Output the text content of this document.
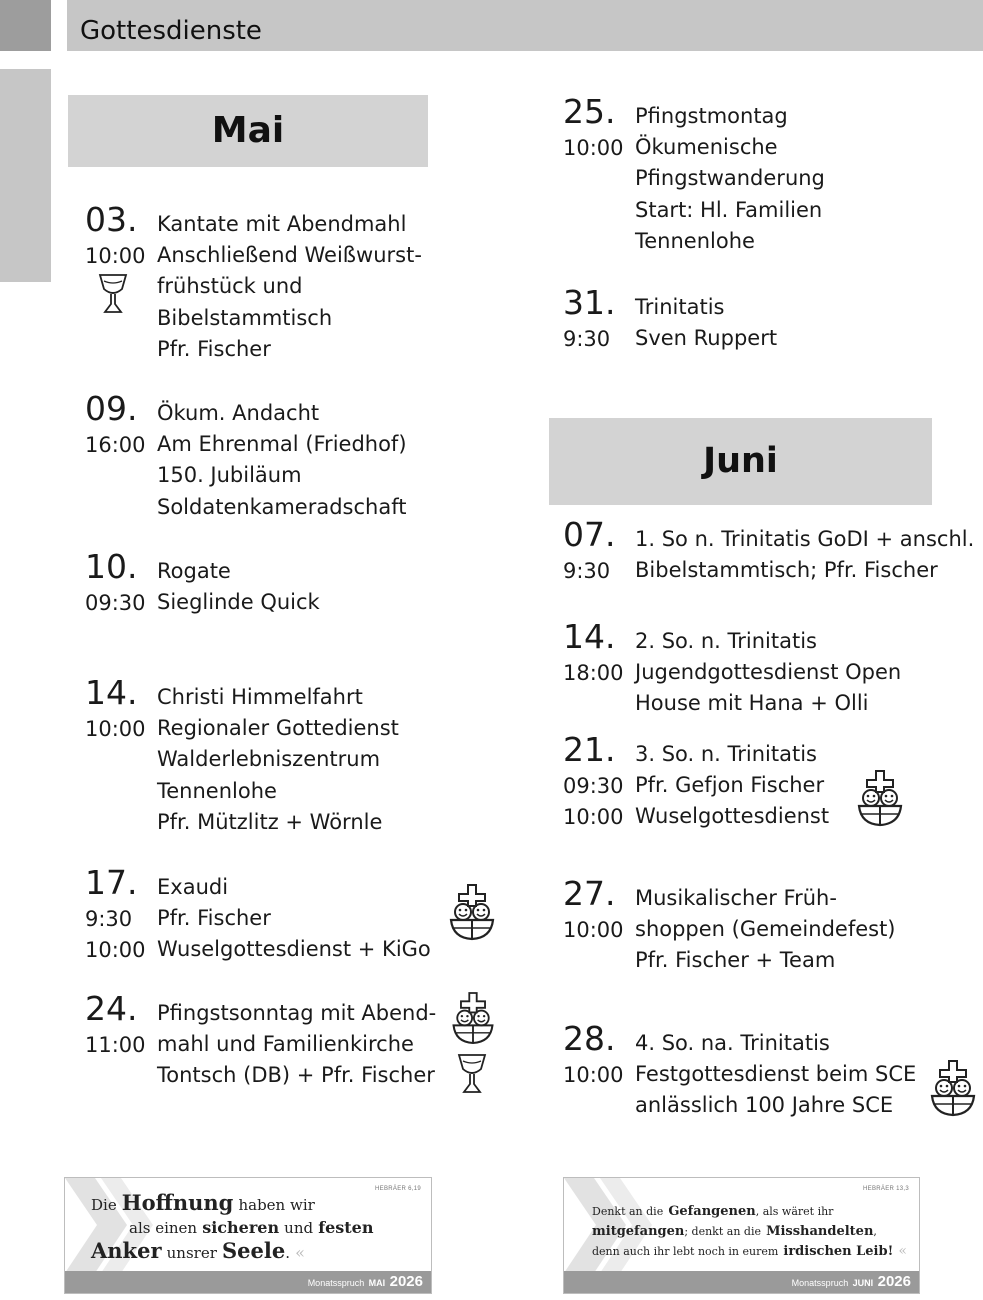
Gottesdienste
Mai
Juni
03.
10:00
Kantate mit Abendmahl
Anschließend Weißwurst-
frühstück und
Bibelstammtisch
Pfr. Fischer
09.
16:00
Ökum. Andacht
Am Ehrenmal (Friedhof)
150. Jubiläum
Soldatenkameradschaft
10.
09:30
Rogate
Sieglinde Quick
14.
10:00
Christi Himmelfahrt
Regionaler Gottedienst
Walderlebniszentrum
Tennenlohe
Pfr. Mützlitz + Wörnle
17.
9:30
10:00
Exaudi
Pfr. Fischer
Wuselgottesdienst + KiGo
24.
11:00
Pfingstsonntag mit Abend-
mahl und Familienkirche
Tontsch (DB) + Pfr. Fischer
25.
10:00
Pfingstmontag
Ökumenische
Pfingstwanderung
Start: Hl. Familien
Tennenlohe
31.
9:30
Trinitatis
Sven Ruppert
07.
9:30
1. So n. Trinitatis GoDI + anschl.
Bibelstammtisch; Pfr. Fischer
14.
18:00
2. So. n. Trinitatis
Jugendgottesdienst Open
House mit Hana + Olli
21.
09:30
10:00
3. So. n. Trinitatis
Pfr. Gefjon Fischer
Wuselgottesdienst
27.
10:00
Musikalischer Früh-
shoppen (Gemeindefest)
Pfr. Fischer + Team
28.
10:00
4. So. na. Trinitatis
Festgottesdienst beim SCE
anlässlich 100 Jahre SCE
HEBRÄER 6,19
Die Hoffnung haben wir
als einen sicheren und festen
Anker unsrer Seele. «
Monatsspruch MAI 2026
HEBRÄER 13,3
Denkt an die Gefangenen, als wäret ihr
mitgefangen; denkt an die Misshandelten,
denn auch ihr lebt noch in eurem irdischen Leib! «
Monatsspruch JUNI 2026
